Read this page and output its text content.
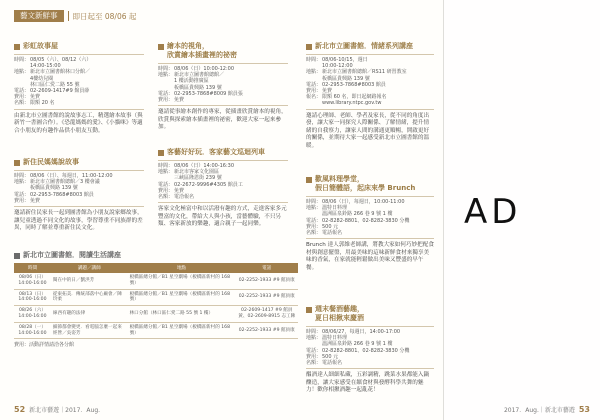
藝文新鮮事	即日起至 08/06 起
彩虹故事屋
時間： 08/05（六）、08/12（六）
14:00-15:00
地點： 新北市立圖書館林口分館／
4樓幼兒閱
林口區仁愛二路 55 號
電話： 02-2609-1417#9 館員薛
費用： 免費
名額： 限額 20 名
由新北市立圖書館的說故事志工，精選繪本故事（與新竹一書圖合作）。《恐龍媽媽的愛》、《小貓咪》等適合小朋友的有趣作品供小朋友互動。
新住民媽媽說故事
時間： 08/06（日）、每週日，11:00-12:00
地點： 新北市立圖書館總館／3 樓會議
板橋區貴興路 139 號
電話： 02-2953-7868#8003 館員
費用： 免費
邀請新住民家長一起到圖書館為小朋友說家鄉故事，讓兒童透過不同文化的故事，學習尊重不同族群的差異，同時了解並尊重新住民文化。
新北市立圖書館．閱讀生活講座
時間	講題／講師	地點	電話
08/06（日）14:00-16:00	閱在中的日／劉洪芳	板橋區總分館／B1 星空劇場（板橋區新村的 168 號）	02-2252-1933 #9 館員康
08/13（日）14:00-16:00	從東拓美．傳統部落中心廠會／陳玠柔	板橋區總分館／B1 星空劇場（板橋區新村的 168 號）	02-2252-1933 #9 館員康
08/26（六）14:00-16:00	線西有趣的法律	林口分館（林口區仁愛二路 55 號 1 樓）	02-2609-1417 #9 館員黃、02-2609-8915 志工陳
08/28（一）14:00-16:00	細節都會變更．看電腦怎麼一起來經營／吳姿芳	板橋區總分館／B1 星空劇場（板橋區新村的 168 號）	02-2252-1933 #9 館員康
費用：活動詳情請洽各分館
繪本的視角，
欣賞繪本插畫裡的祕密
時間： 08/06（日）10:00-12:00
地點： 新北市立圖書館總館／
1 樓活動推廣區
板橋區貴興路 139 號
電話： 02-2953-7868#8009 館員張
費用： 免費
邀請從事繪本創作的專家，從插畫欣賞繪本的視角，欣賞與探索繪本插畫裡的祕密，歡迎大家一起來參加。
客藝好好玩．客家藝文巡迴列車
時間： 08/06（日）14:00-16:30
地點： 新北市客家文化園區
三峽區隆恩街 239 號
電話： 02-2672-9996#4305 館員工
費用： 免費
名額： 電洽報名
客家文化極富中和以活潑有趣的方式，走進客家多元豐富的文化，帶給大人與小孩，當藝體驗，不只另類、客家新放的樂趣，適合親子一起同樂。
新北市立圖書館．情緒系列講座
時間： 08/06-10/15，週日
10:00-12:00
地點： 新北市立圖書館總館／RS11 研習教室
板橋區貴興路 139 號
電話： 02-2953-7868#8003 館員
費用： 免費
報名： 限額 60 名，即日起網路報名
www.library.ntpc.gov.tw
邀請心理師、老師、學者及家長，從不同的角度出發，讓大家一同探究人際關係、了解情緒，提升情緒的自我察力，讓家人間的溝通更順暢，開啟更好的關係，並期待大家一起感受新北市立圖書館的溫暖。
歡風料理學堂，
假日簡體語，起床來學 Brunch
時間： 08/06（日），每週日，10:00-11:00
地點： 溫特日料理
溫洲區泉鈴路 266 巷 9 號 1 樓
電話： 02-8282-8801、02-8282-3830 分機
費用： 500 元
名額： 電話報名
Brunch 達人郭維老師講，將教大家如何巧妙把配食材與創意擺盤，用最美味的這味新鮮食材來獨享美味的香氣，在家就能輕鬆做出美味又豐盛的早午餐。
週末餐酒藝趣，
夏日相揪來慶酒
時間： 08/06/27，每週日，14:00-17:00
地點： 溫特日料理
溫洲區泉鈴路 266 巷 9 號 1 樓
電話： 02-8282-8801、02-8282-3830 分機
費用： 500 元
名額： 電話報名
醞酒達人細細私藏，五彩調精，跳菜水果都能入鍋釀造，讓大家感受在繽食材與發酵科學共舞的魅力！歡你相揪酒趣一起亂花！
52 新北市藝遊｜2017．Aug.
AD
2017．Aug.｜新北市藝遊 53
